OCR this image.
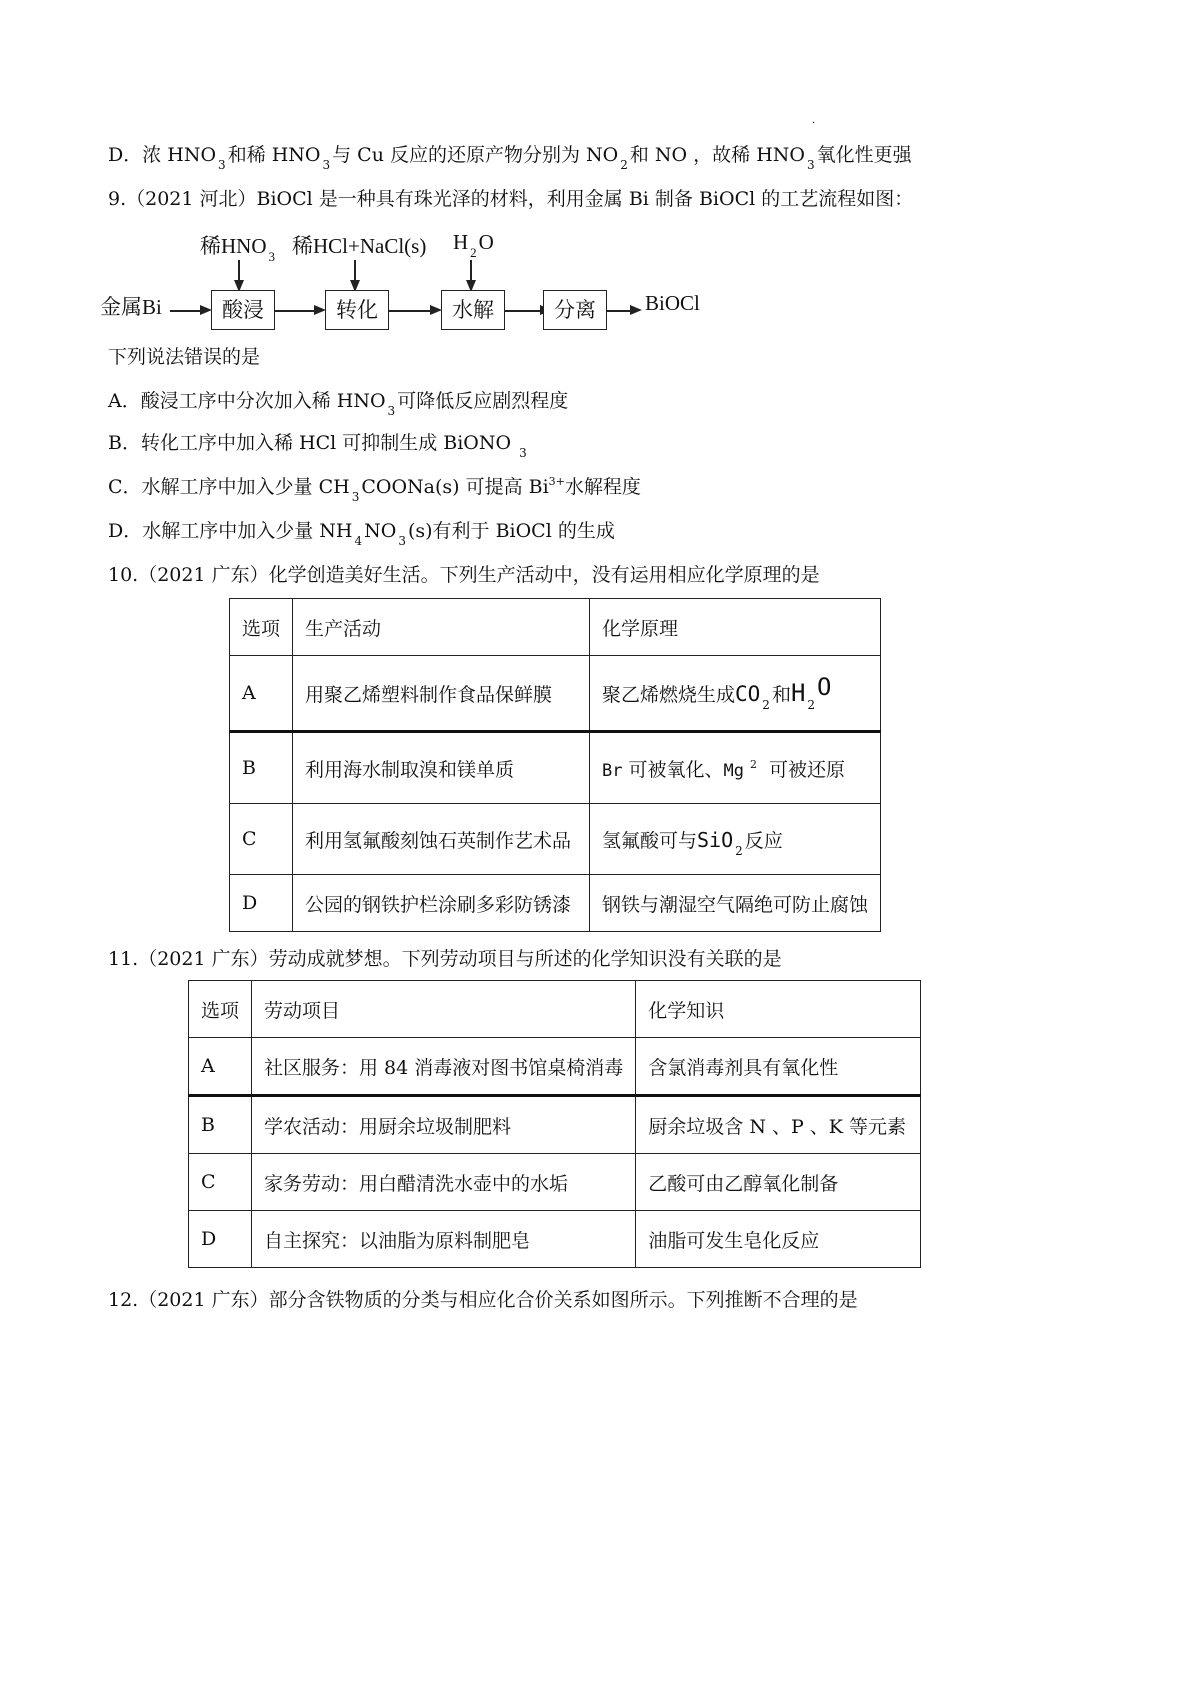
·
D．浓 HNO $_3$ 和稀 HNO $_3$ 与 Cu 反应的还原产物分别为 NO $_2$ 和 NO ，故稀 HNO $_3$ 氧化性更强
9.（2021 河北）BiOCl 是一种具有珠光泽的材料，利用金属 Bi 制备 BiOCl 的工艺流程如图：
稀HNO $_3$ 稀HCl+NaCl(s) H $_2$O
金属Bi	酸浸	转化	水解	分离	BiOCl
下列说法错误的是
A．酸浸工序中分次加入稀 HNO $_3$ 可降低反应剧烈程度
B．转化工序中加入稀 HCl 可抑制生成 BiONO $_3$
C．水解工序中加入少量 CH $_3$ COONa(s) 可提高 $Bi^{3+}$水解程度
D．水解工序中加入少量 NH $_4$ NO $_3$ (s)有利于 BiOCl 的生成
10.（2021 广东）化学创造美好生活。下列生产活动中，没有运用相应化学原理的是
选项	生产活动	化学原理
A	用聚乙烯塑料制作食品保鲜膜	聚乙烯燃烧生成CO $_2$ 和H $_2$O
B	利用海水制取溴和镁单质	Br 可被氧化、Mg $^2$ 可被还原
C	利用氢氟酸刻蚀石英制作艺术品	氢氟酸可与SiO $_2$ 反应
D	公园的钢铁护栏涂刷多彩防锈漆	钢铁与潮湿空气隔绝可防止腐蚀
11.（2021 广东）劳动成就梦想。下列劳动项目与所述的化学知识没有关联的是
选项	劳动项目	化学知识
A	社区服务：用 84 消毒液对图书馆桌椅消毒	含氯消毒剂具有氧化性
B	学农活动：用厨余垃圾制肥料	厨余垃圾含 N 、P 、K 等元素
C	家务劳动：用白醋清洗水壶中的水垢	乙酸可由乙醇氧化制备
D	自主探究：以油脂为原料制肥皂	油脂可发生皂化反应
12.（2021 广东）部分含铁物质的分类与相应化合价关系如图所示。下列推断不合理的是
